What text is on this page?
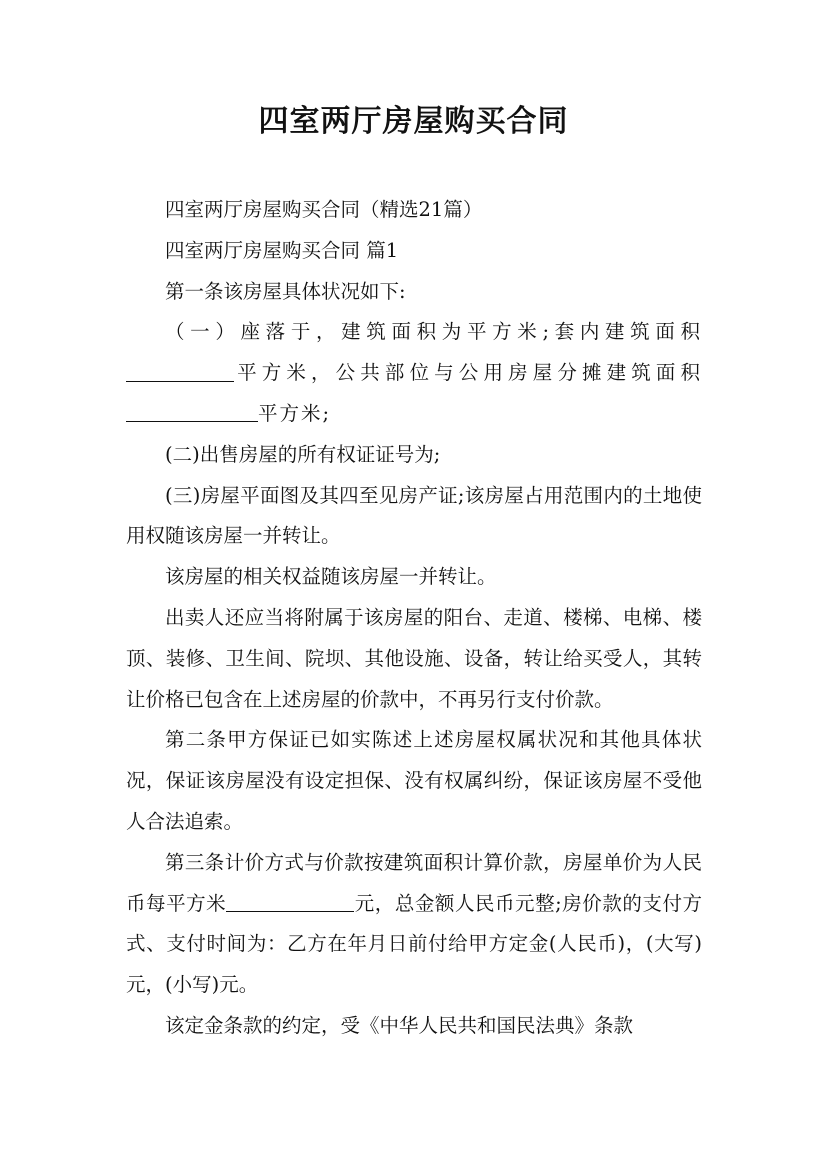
四室两厅房屋购买合同

四室两厅房屋购买合同（精选21篇）

四室两厅房屋购买合同 篇1

第一条该房屋具体状况如下:

（一）座落于，建筑面积为平方米;套内建筑面积平方米，公共部位与公用房屋分摊建筑面积平方米;

(二)出售房屋的所有权证证号为;

(三)房屋平面图及其四至见房产证;该房屋占用范围内的土地使用权随该房屋一并转让。

该房屋的相关权益随该房屋一并转让。

出卖人还应当将附属于该房屋的阳台、走道、楼梯、电梯、楼顶、装修、卫生间、院坝、其他设施、设备，转让给买受人，其转让价格已包含在上述房屋的价款中，不再另行支付价款。

第二条甲方保证已如实陈述上述房屋权属状况和其他具体状况，保证该房屋没有设定担保、没有权属纠纷，保证该房屋不受他人合法追索。

第三条计价方式与价款按建筑面积计算价款，房屋单价为人民币每平方米	元，总金额人民币元整;房价款的支付方式、支付时间为：乙方在年月日前付给甲方定金(人民币)，(大写)元，(小写)元。

该定金条款的约定，受《中华人民共和国民法典》条款
